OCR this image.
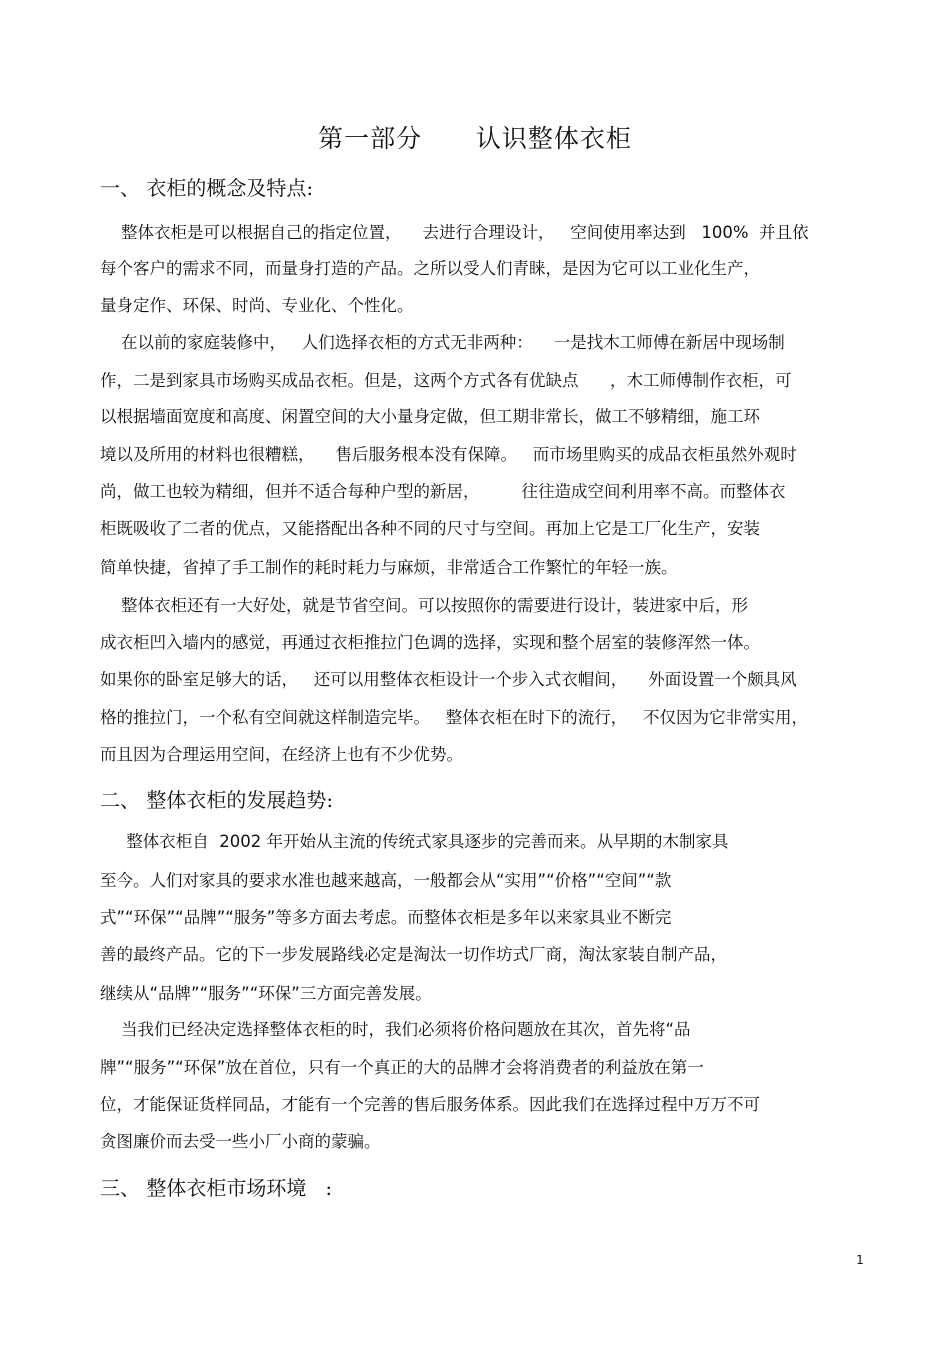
第一部分      认识整体衣柜
一、 衣柜的概念及特点:
整体衣柜是可以根据自己的指定位置，    去进行合理设计，   空间使用率达到   100%  并且依
每个客户的需求不同，而量身打造的产品。之所以受人们青睐，是因为它可以工业化生产，
量身定作、环保、时尚、专业化、个性化。
在以前的家庭装修中，   人们选择衣柜的方式无非两种：    一是找木工师傅在新居中现场制
作，二是到家具市场购买成品衣柜。但是，这两个方式各有优缺点      ，木工师傅制作衣柜，可
以根据墙面宽度和高度、闲置空间的大小量身定做，但工期非常长，做工不够精细，施工环
境以及所用的材料也很糟糕，    售后服务根本没有保障。   而市场里购买的成品衣柜虽然外观时
尚，做工也较为精细，但并不适合每种户型的新居，        往往造成空间利用率不高。而整体衣
柜既吸收了二者的优点，又能搭配出各种不同的尺寸与空间。再加上它是工厂化生产，安装
简单快捷，省掉了手工制作的耗时耗力与麻烦，非常适合工作繁忙的年轻一族。
整体衣柜还有一大好处，就是节省空间。可以按照你的需要进行设计，装进家中后，形
成衣柜凹入墙内的感觉，再通过衣柜推拉门色调的选择，实现和整个居室的装修浑然一体。
如果你的卧室足够大的话，   还可以用整体衣柜设计一个步入式衣帽间，    外面设置一个颇具风
格的推拉门，一个私有空间就这样制造完毕。   整体衣柜在时下的流行，   不仅因为它非常实用，
而且因为合理运用空间，在经济上也有不少优势。
二、 整体衣柜的发展趋势:
整体衣柜自  2002 年开始从主流的传统式家具逐步的完善而来。从早期的木制家具
至今。人们对家具的要求水准也越来越高，一般都会从“实用”“价格”“空间”“款
式”“环保”“品牌”“服务”等多方面去考虑。而整体衣柜是多年以来家具业不断完
善的最终产品。它的下一步发展路线必定是淘汰一切作坊式厂商，淘汰家装自制产品，
继续从“品牌”“服务”“环保”三方面完善发展。
当我们已经决定选择整体衣柜的时，我们必须将价格问题放在其次，首先将“品
牌”“服务”“环保”放在首位，只有一个真正的大的品牌才会将消费者的利益放在第一
位，才能保证货样同品，才能有一个完善的售后服务体系。因此我们在选择过程中万万不可
贪图廉价而去受一些小厂小商的蒙骗。
三、 整体衣柜市场环境   :
1
